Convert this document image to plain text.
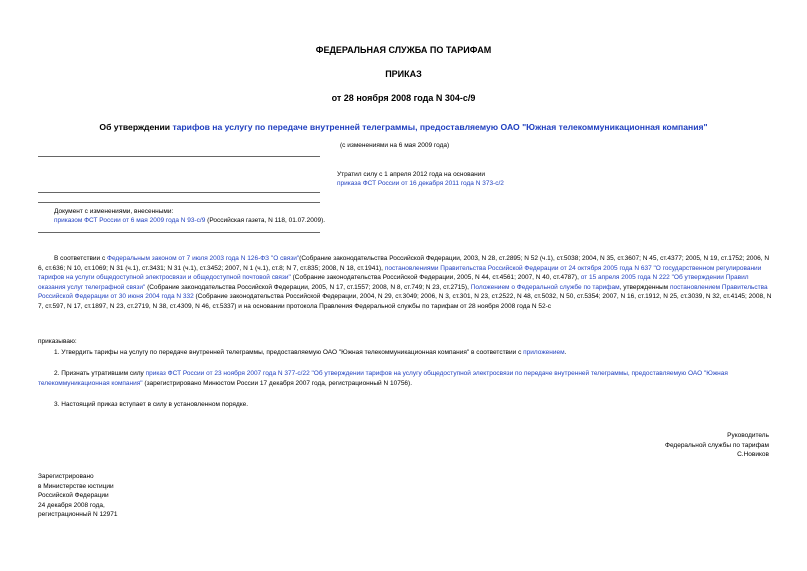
ФЕДЕРАЛЬНАЯ СЛУЖБА ПО ТАРИФАМ
ПРИКАЗ
от 28 ноября 2008 года N 304-с/9
Об утверждении тарифов на услугу по передаче внутренней телеграммы, предоставляемую ОАО "Южная телекоммуникационная компания"
(с изменениями на 6 мая 2009 года)
Утратил силу с 1 апреля 2012 года на основании
приказа ФСТ России от 16 декабря 2011 года N 373-с/2
Документ с изменениями, внесенными:
приказом ФСТ России от 6 мая 2009 года N 93-с/9 (Российская газета, N 118, 01.07.2009).
В соответствии с Федеральным законом от 7 июля 2003 года N 126-ФЗ "О связи"(Собрание законодательства Российской Федерации, 2003, N 28, ст.2895; N 52 (ч.1), ст.5038; 2004, N 35, ст.3607; N 45, ст.4377; 2005, N 19, ст.1752; 2006, N 6, ст.636; N 10, ст.1069; N 31 (ч.1), ст.3431; N 31 (ч.1), ст.3452; 2007, N 1 (ч.1), ст.8; N 7, ст.835; 2008, N 18, ст.1941), постановлениями Правительства Российской Федерации от 24 октября 2005 года N 637 "О государственном регулировании тарифов на услуги общедоступной электросвязи и общедоступной почтовой связи" (Собрание законодательства Российской Федерации, 2005, N 44, ст.4561; 2007, N 40, ст.4787), от 15 апреля 2005 года N 222 "Об утверждении Правил оказания услуг телеграфной связи" (Собрание законодательства Российской Федерации, 2005, N 17, ст.1557; 2008, N 8, ст.749; N 23, ст.2715), Положением о Федеральной службе по тарифам, утвержденным постановлением Правительства Российской Федерации от 30 июня 2004 года N 332 (Собрание законодательства Российской Федерации, 2004, N 29, ст.3049; 2006, N 3, ст.301, N 23, ст.2522, N 48, ст.5032, N 50, ст.5354; 2007, N 16, ст.1912, N 25, ст.3039, N 32, ст.4145; 2008, N 7, ст.597, N 17, ст.1897, N 23, ст.2719, N 38, ст.4309, N 46, ст.5337) и на основании протокола Правления Федеральной службы по тарифам от 28 ноября 2008 года N 52-с
приказываю:
1. Утвердить тарифы на услугу по передаче внутренней телеграммы, предоставляемую ОАО "Южная телекоммуникационная компания" в соответствии с приложением.
2. Признать утратившим силу приказ ФСТ России от 23 ноября 2007 года N 377-с/22 "Об утверждении тарифов на услугу общедоступной электросвязи по передаче внутренней телеграммы, предоставляемую ОАО "Южная телекоммуникационная компания" (зарегистрировано Минюстом России 17 декабря 2007 года, регистрационный N 10756).
3. Настоящий приказ вступает в силу в установленном порядке.

Руководитель

Федеральной службы по тарифам

С.Новиков

Зарегистрировано

в Министерстве юстиции

Российской Федерации

24 декабря 2008 года,

регистрационный N 12971
